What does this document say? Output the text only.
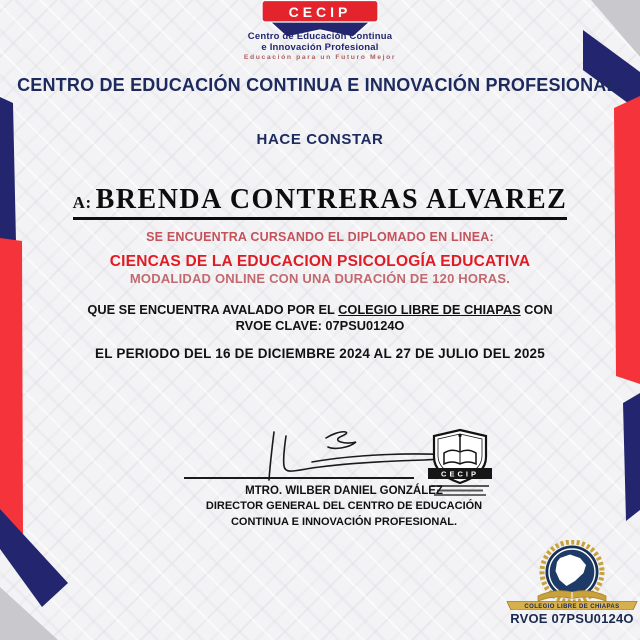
CECIP
Centro de Educación Continua
e Innovación Profesional
Educación para un Futuro Mejor
CENTRO DE EDUCACIÓN CONTINUA E INNOVACIÓN PROFESIONAL.
HACE CONSTAR
A: BRENDA CONTRERAS ALVAREZ
SE ENCUENTRA CURSANDO EL DIPLOMADO EN LINEA:
CIENCAS DE LA EDUCACION PSICOLOGÍA EDUCATIVA
MODALIDAD ONLINE CON UNA DURACIÓN DE 120 HORAS.
QUE SE ENCUENTRA AVALADO POR EL COLEGIO LIBRE DE CHIAPAS CON
RVOE CLAVE: 07PSU0124O
EL PERIODO DEL 16 DE DICIEMBRE 2024 AL 27 DE JULIO DEL 2025
CECIP
MTRO. WILBER DANIEL GONZÁLEZ
DIRECTOR GENERAL DEL CENTRO DE EDUCACIÓN
CONTINUA E INNOVACIÓN PROFESIONAL.
COLEGIO LIBRE DE CHIAPAS
RVOE 07PSU0124O
